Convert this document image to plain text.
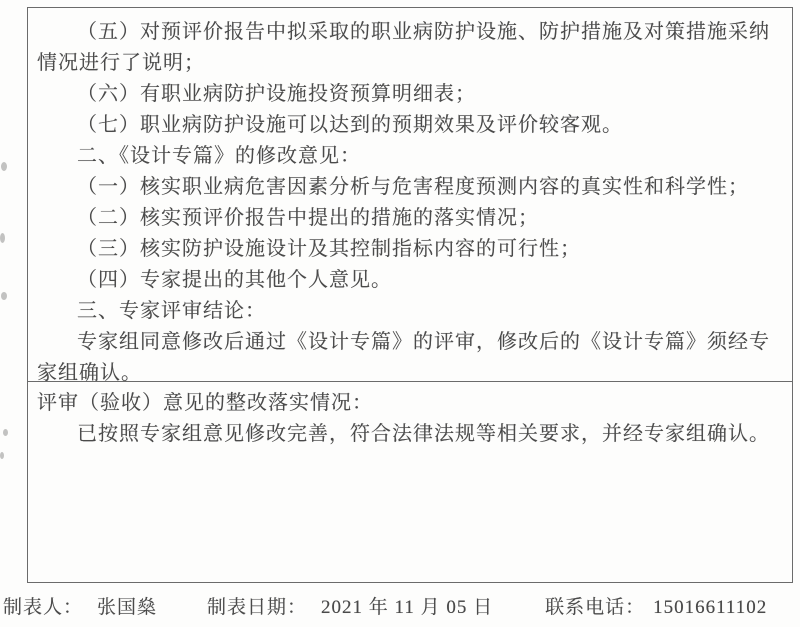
（五）对预评价报告中拟采取的职业病防护设施、防护措施及对策措施采纳

情况进行了说明；

（六）有职业病防护设施投资预算明细表；

（七）职业病防护设施可以达到的预期效果及评价较客观。

二、《设计专篇》的修改意见：

（一）核实职业病危害因素分析与危害程度预测内容的真实性和科学性；

（二）核实预评价报告中提出的措施的落实情况；

（三）核实防护设施设计及其控制指标内容的可行性；

（四）专家提出的其他个人意见。

三、专家评审结论：

专家组同意修改后通过《设计专篇》的评审，修改后的《设计专篇》须经专

家组确认。

评审（验收）意见的整改落实情况：

已按照专家组意见修改完善，符合法律法规等相关要求，并经专家组确认。

制表人： 张国燊	制表日期： 2021 年 11 月 05 日	联系电话： 15016611102
